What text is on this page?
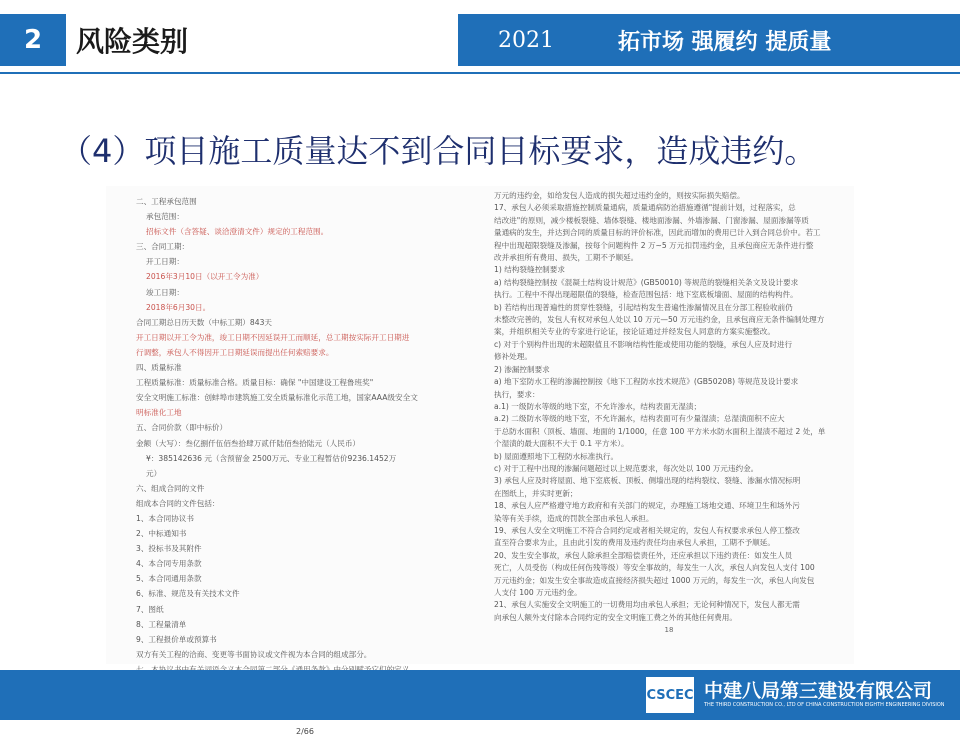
2	风险类别	2021	拓市场 强履约 提质量
（4）项目施工质量达不到合同目标要求，造成违约。
二、工程承包范围
承包范围：
招标文件（含答疑、谈洽澄清文件）规定的工程范围。
三、合同工期：
开工日期：
2016年3月10日（以开工令为准）
竣工日期：
2018年6月30日。
合同工期总日历天数（中标工期）843天
开工日期以开工令为准，竣工日期不因延误开工而顺延，总工期按实际开工日期进
行调整，承包人不得因开工日期延误而提出任何索赔要求。
四、质量标准
工程质量标准：质量标准合格。质量目标：确保 "中国建设工程鲁班奖"
安全文明施工标准：创蚌埠市建筑施工安全质量标准化示范工地，国家AAA级安全文
明标准化工地
五、合同价款（即中标价）
金额（大写）：叁亿捌仟伍佰叁拾肆万贰仟陆佰叁拾陆元（人民币）
¥：385142636 元（含预留金 2500万元、专业工程暂估价9236.1452万
元）
六、组成合同的文件
组成本合同的文件包括：
1、本合同协议书
2、中标通知书
3、投标书及其附件
4、本合同专用条款
5、本合同通用条款
6、标准、规范及有关技术文件
7、图纸
8、工程量清单
9、工程报价单或预算书
双方有关工程的洽商、变更等书面协议或文件视为本合同的组成部分。
2/66
万元的违约金，如给发包人造成的损失超过违约金的，则按实际损失赔偿。
17、承包人必须采取措施控制质量通病，质量通病防治措施遵循"提前计划，过程落实，总
结改进"的原则，减少楼板裂缝、墙体裂缝、楼地面渗漏、外墙渗漏、门窗渗漏、屋面渗漏等质
量通病的发生，并达到合同的质量目标的评价标准，因此而增加的费用已计入到合同总价中。若工
程中出现超限裂缝及渗漏，按每个问题构件 2 万~5 万元扣罚违约金，且承包商应无条件进行整
改并承担所有费用、损失，工期不予顺延。
1) 结构裂缝控制要求
a) 结构裂缝控制按《混凝土结构设计规范》(GB50010) 等规范的裂缝相关条文及设计要求
执行。工程中不得出现超限值的裂缝，检查范围包括：地下室底板墙面、屋面的结构构件。
b) 若结构出现普遍性的贯穿性裂缝，引起结构发生普遍性渗漏情况且在分部工程验收前仍
未整改完善的，发包人有权对承包人处以 10 万元—50 万元违约金，且承包商应无条件编制处理方
案，并组织相关专业的专家进行论证，按论证通过并经发包人同意的方案实施整改。
c) 对于个别构件出现的未超限值且不影响结构性能或使用功能的裂缝，承包人应及时进行
修补处理。
2) 渗漏控制要求
a) 地下室防水工程的渗漏控制按《地下工程防水技术规范》(GB50208) 等规范及设计要求
执行，要求：
a.1) 一级防水等级的地下室，不允许渗水，结构表面无湿渍；
a.2) 二级防水等级的地下室，不允许漏水，结构表面可有少量湿渍；总湿渍面积不应大
于总防水面积（顶板、墙面、地面的 1/1000，任意 100 平方米水防水面积上湿渍不超过 2 处，单
个湿渍的最大面积不大于 0.1 平方米）。
b) 屋面遵照地下工程防水标准执行。
c) 对于工程中出现的渗漏问题超过以上规范要求，每次处以 100 万元违约金。
3) 承包人应及时将屋面、地下室底板、顶板、侧墙出现的结构裂纹、裂缝、渗漏水情况标明
在图纸上，并实时更新；
18、承包人应严格遵守地方政府和有关部门的规定，办理施工场地交通、环境卫生和场外污
染等有关手续，造成的罚款全部由承包人承担。
19、承包人安全文明施工不符合合同约定或者相关规定的，发包人有权要求承包人停工整改
直至符合要求为止，且由此引发的费用及违约责任均由承包人承担，工期不予顺延。
20、发生安全事故，承包人除承担全部赔偿责任外，还应承担以下违约责任：如发生人员
死亡，人员受伤（构成任何伤残等级）等安全事故的，每发生一人次，承包人向发包人支付 100
万元违约金；如发生安全事故造成直接经济损失超过 1000 万元的，每发生一次，承包人向发包
人支付 100 万元违约金。
21、承包人实施安全文明施工的一切费用均由承包人承担；无论何种情况下，发包人都无需
向承包人额外支付除本合同约定的安全文明施工费之外的其他任何费用。
18
CSCEC 中建八局第三建设有限公司
THE THIRD CONSTRUCTION CO., LTD OF CHINA CONSTRUCTION EIGHTH ENGINEERING DIVISION
